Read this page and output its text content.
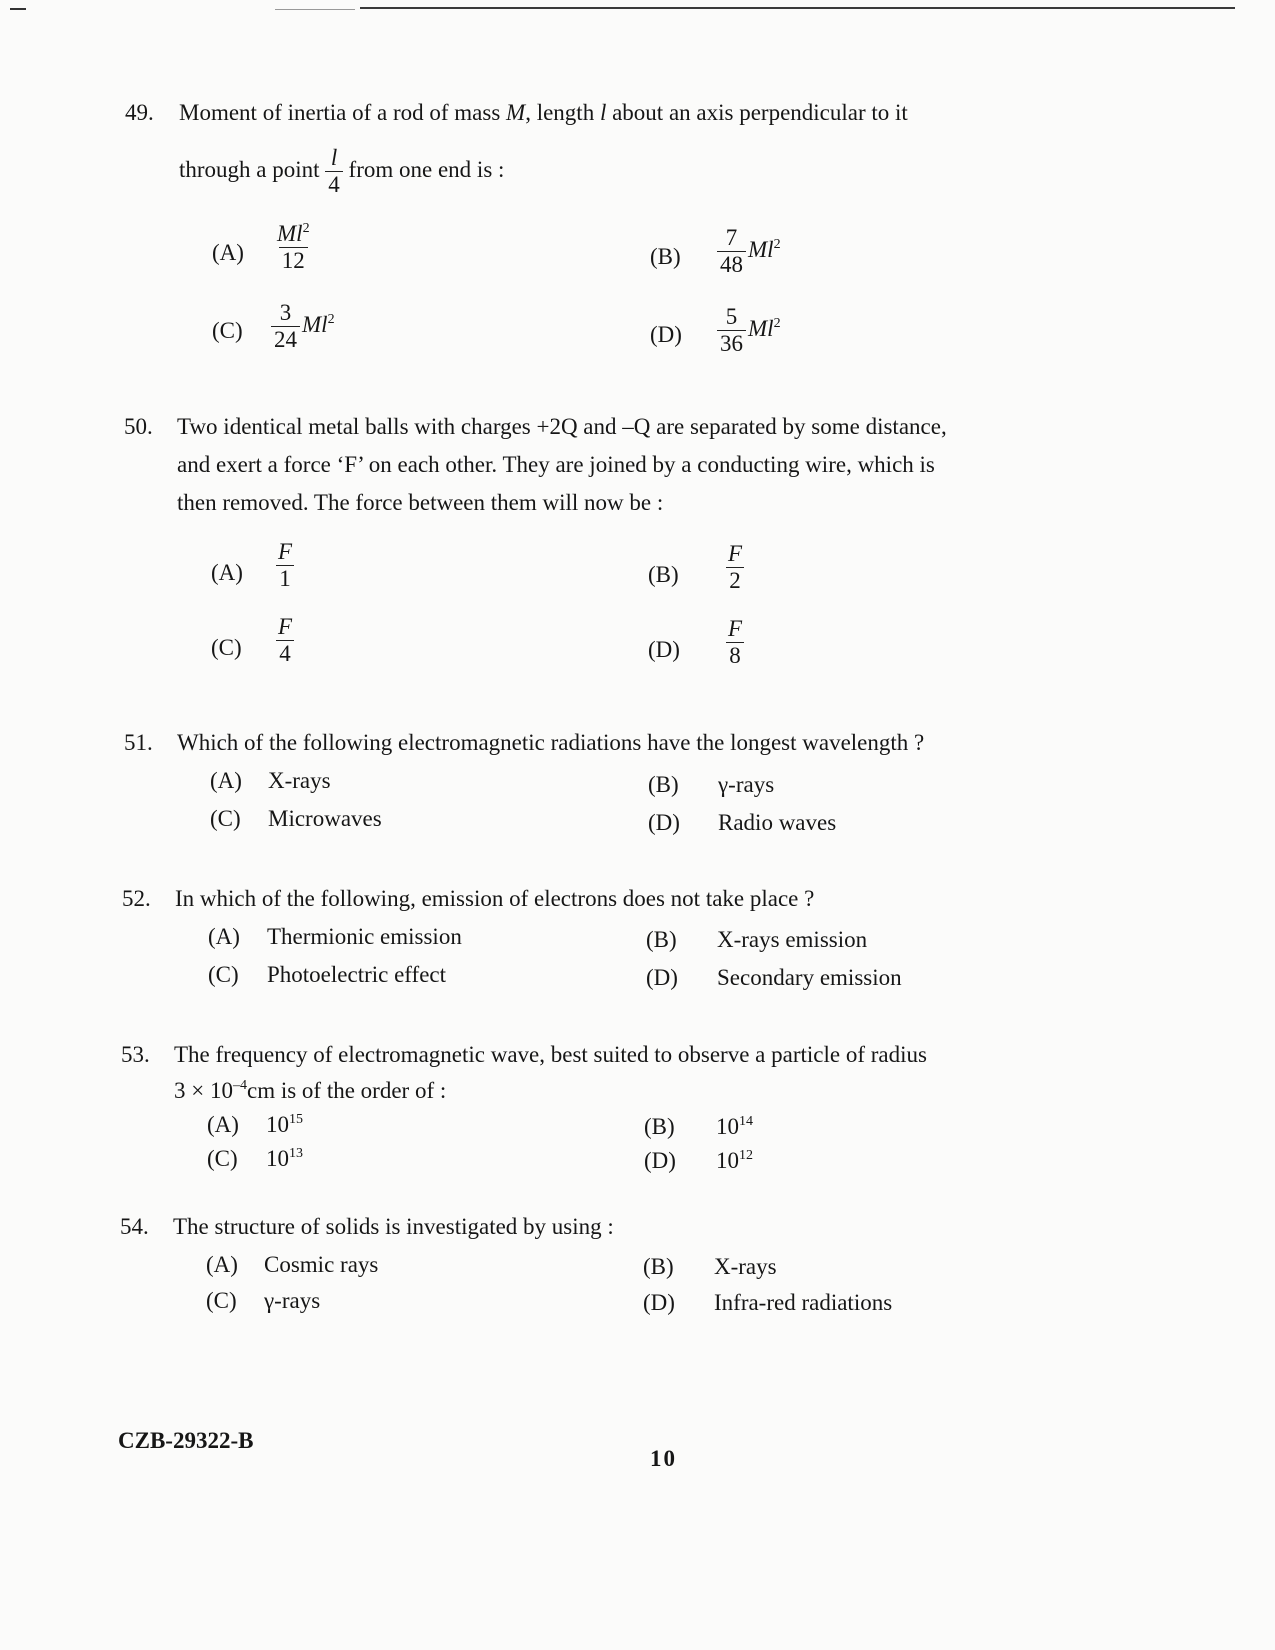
49. Moment of inertia of a rod of mass M, length l about an axis perpendicular to it
through a point $\frac{l}{4}$ from one end is :
$(A) \frac{Ml^2}{12}$	$(B) \frac{7}{48} Ml^2$
$(C) \frac{3}{24} Ml^2$
$(D) \frac{5}{36} Ml^2$
50. Two identical metal balls with charges +2Q and –Q are separated by some distance,
and exert a force ‘F’ on each other. They are joined by a conducting wire, which is
then removed. The force between them will now be :
$(A) \frac{F}{1}$	$(B) \frac{F}{2}$
$(C) \frac{F}{4}$	$(D) \frac{F}{8}$
51. Which of the following electromagnetic radiations have the longest wavelength ?
(A) X-rays	(B) γ-rays
(C) Microwaves	(D) Radio waves
52. In which of the following, emission of electrons does not take place ?
(A) Thermionic emission	(B) X-rays emission
(C) Photoelectric effect	(D) Secondary emission
53. The frequency of electromagnetic wave, best suited to observe a particle of radius
$3 \times 10^{-4}cm$ is of the order of :
(A) $10^{15}$	(B) $10^{14}$
(C) $10^{13}$	(D) $10^{12}$
54. The structure of solids is investigated by using :
(A) Cosmic rays	(B) X-rays
(C) γ-rays	(D) Infra-red radiations
CZB-29322-B
10
